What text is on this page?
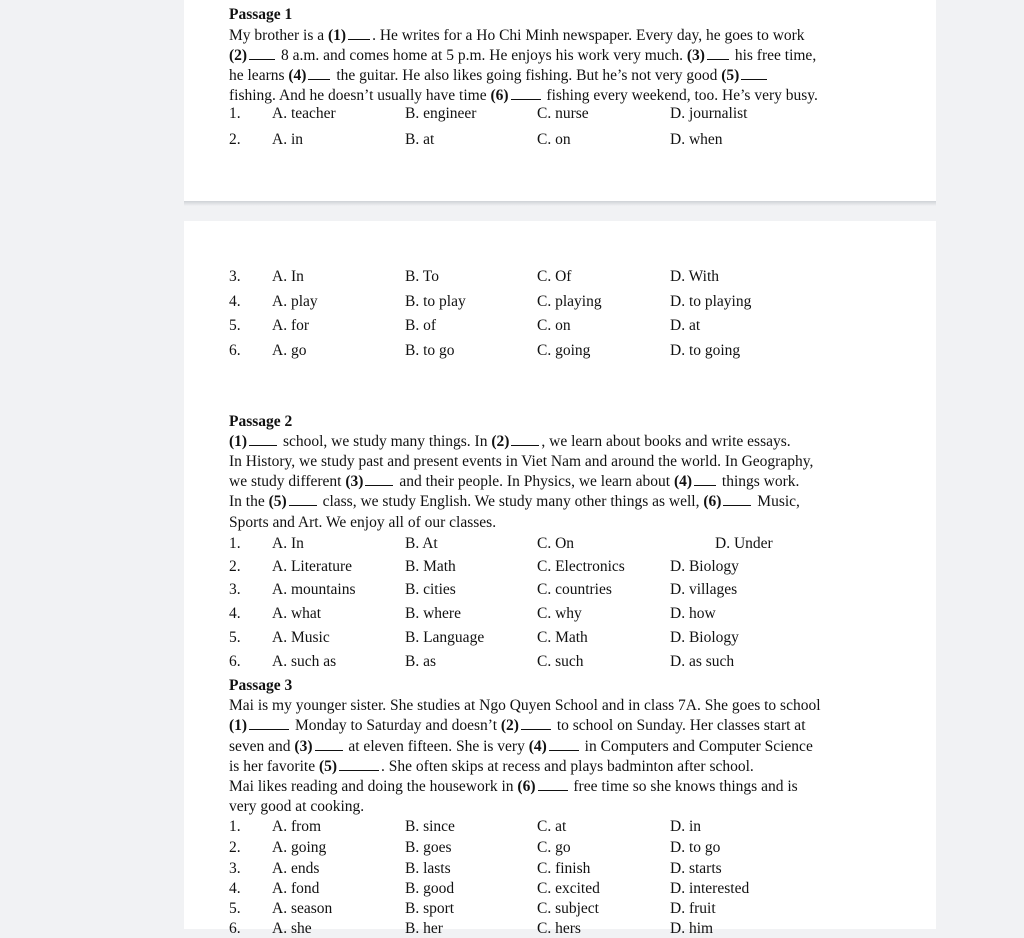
Passage 1
My brother is a (1) . He writes for a Ho Chi Minh newspaper. Every day, he goes to work
(2) 8 a.m. and comes home at 5 p.m. He enjoys his work very much. (3) his free time,
he learns (4) the guitar. He also likes going fishing. But he’s not very good (5)
fishing. And he doesn’t usually have time (6) fishing every weekend, too. He’s very busy.
1. A. teacher	B. engineer	C. nurse	D. journalist
2. A. in	B. at	C. on	D. when
3. A. In	B. To	C. Of	D. With
4. A. play	B. to play	C. playing	D. to playing
5. A. for	B. of	C. on	D. at
6. A. go	B. to go	C. going	D. to going
Passage 2
(1) school, we study many things. In (2) , we learn about books and write essays.
In History, we study past and present events in Viet Nam and around the world. In Geography,
we study different (3) and their people. In Physics, we learn about (4) things work.
In the (5) class, we study English. We study many other things as well, (6) Music,
Sports and Art. We enjoy all of our classes.
1. A. In	B. At	C. On	D. Under
2. A. Literature	B. Math	C. Electronics	D. Biology
3. A. mountains	B. cities	C. countries	D. villages
4. A. what	B. where	C. why	D. how
5. A. Music	B. Language	C. Math	D. Biology
6. A. such as	B. as	C. such	D. as such
Passage 3
Mai is my younger sister. She studies at Ngo Quyen School and in class 7A. She goes to school
(1)	Monday to Saturday and doesn’t (2) to school on Sunday. Her classes start at
seven and (3) at eleven fifteen. She is very (4) in Computers and Computer Science
is her favorite (5)	. She often skips at recess and plays badminton after school.
Mai likes reading and doing the housework in (6) free time so she knows things and is
very good at cooking.
1. A. from	B. since	C. at	D. in
2. A. going	B. goes	C. go	D. to go
3. A. ends	B. lasts	C. finish	D. starts
4. A. fond	B. good	C. excited	D. interested
5. A. season	B. sport	C. subject	D. fruit
6. A. she	B. her	C. hers	D. him
